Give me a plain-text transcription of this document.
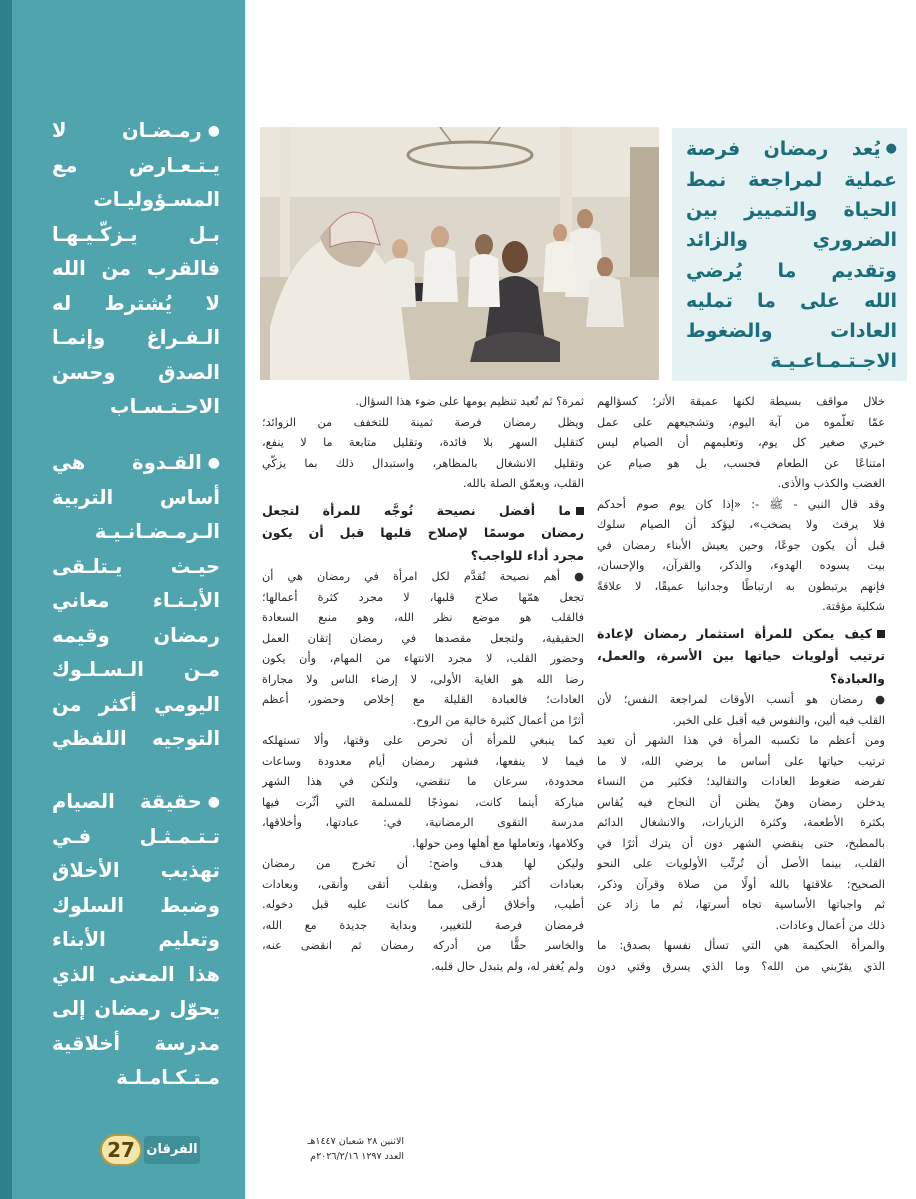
●رمـضـان لا

يـتـعـارض مع

المسـؤوليـات

بـل يـزكّـيـهـا

فالقرب من الله

لا يُشترط له

الـفـراغ وإنمـا

الصدق وحسن

الاحـتـسـاب

●القـدوة هي

أساس التربية

الـرمـضـانـيـة

حيـث يـتلـقى

الأبـنـاء معاني

رمضان وقيمه

مـن الـسـلـوك

اليومي أكثر من

التوجيه اللفظي

●حقيقة الصيام

تـتـمـثـل فـي

تهذيب الأخلاق

وضبط السلوك

وتعليم الأبناء

هذا المعنى الذي

يحوّل رمضان إلى

مدرسة أخلاقية

مـتـكـامـلـة

●يُعد رمضان فرصة

عملية لمراجعة نمط

الحياة والتمييز بين

الضروري والزائد

وتقديم ما يُرضي

الله على ما تمليه

العادات والضغوط

الاجـتـمـاعـيـة

خلال مواقف بسيطة لكنها عميقة الأثر؛ كسؤالهم
عمّا تعلّموه من آية اليوم، وتشجيعهم على عمل
خيري صغير كل يوم، وتعليمهم أن الصيام ليس
امتناعًا عن الطعام فحسب، بل هو صيام عن
الغضب والكذب والأذى.
وقد قال النبي - ﷺ -: «إذا كان يوم صوم أحدكم
فلا يرفث ولا يصخب»، ليؤكد أن الصيام سلوك
قبل أن يكون جوعًا، وحين يعيش الأبناء رمضان في
بيت يسوده الهدوء، والذكر، والقرآن، والإحسان،
فإنهم يرتبطون به ارتباطًا وجدانيا عميقًا، لا علاقةً
شكلية مؤقتة.
كيف يمكن للمرأة استثمار رمضان لإعادة
ترتيب أولويات حياتها بين الأسرة، والعمل،
والعبادة؟
● رمضان هو أنسب الأوقات لمراجعة النفس؛ لأن
القلب فيه ألين، والنفوس فيه أقبل على الخير.
ومن أعظم ما تكسبه المرأة في هذا الشهر أن تعيد
ترتيب حياتها على أساس ما يرضي الله، لا ما
تفرضه ضغوط العادات والتقاليد؛ فكثير من النساء
يدخلن رمضان وهنّ يظنن أن النجاح فيه يُقاس
بكثرة الأطعمة، وكثرة الزيارات، والانشغال الدائم
بالمطبخ، حتى ينقضي الشهر دون أن يترك أثرًا في
القلب، بينما الأصل أن تُرتِّب الأولويات على النحو
الصحيح: علاقتها بالله أولًا من صلاة وقرآن وذكر،
ثم واجباتها الأساسية تجاه أسرتها، ثم ما زاد عن
ذلك من أعمال وعادات.
والمرأة الحكيمة هي التي تسأل نفسها بصدق: ما
الذي يقرّبني من الله؟ وما الذي يسرق وقتي دون
ثمرة؟ ثم تُعيد تنظيم يومها على ضوء هذا السؤال.
ويظل رمضان فرصة ثمينة للتخفف من الزوائد؛
كتقليل السهر بلا فائدة، وتقليل متابعة ما لا ينفع،
وتقليل الانشغال بالمظاهر، واستبدال ذلك بما يزكّي
القلب، ويعمّق الصلة بالله.
ما أفضل نصيحة تُوجَّه للمرأة لتجعل
رمضان موسمًا لإصلاح قلبها قبل أن يكون
مجرد أداء للواجب؟
● أهم نصيحة تُقدَّم لكل امرأة في رمضان هي أن
تجعل همّها صلاح قلبها، لا مجرد كثرة أعمالها؛
فالقلب هو موضع نظر الله، وهو منبع السعادة
الحقيقية، ولتجعل مقصدها في رمضان إتقان العمل
وحضور القلب، لا مجرد الانتهاء من المهام، وأن يكون
رضا الله هو الغاية الأولى، لا إرضاء الناس ولا مجاراة
العادات؛ فالعبادة القليلة مع إخلاص وحضور، أعظم
أثرًا من أعمال كثيرة خالية من الروح.
كما ينبغي للمرأة أن تحرص على وقتها، وألا تستهلكه
فيما لا ينفعها، فشهر رمضان أيام معدودة وساعات
محدودة، سرعان ما تنقضي، ولتكن في هذا الشهر
مباركة أينما كانت، نموذجًا للمسلمة التي أثّرت فيها
مدرسة التقوى الرمضانية، في: عبادتها، وأخلاقها،
وكلامها، وتعاملها مع أهلها ومن حولها.
وليكن لها هدف واضح: أن تخرج من رمضان
بعبادات أكثر وأفضل، وبقلب أتقى وأنقى، وبعادات
أطيب، وأخلاق أرقى مما كانت عليه قبل دخوله.
فرمضان فرصة للتغيير، وبداية جديدة مع الله،
والخاسر حقًّا من أدركه رمضان ثم انقضى عنه،
ولم يُغفر له، ولم يتبدل حال قلبه.
27 الفرقان
الاثنين ٢٨ شعبان ١٤٤٧هـ
العدد ١٢٩٧ ٢٠٢٦/٢/١٦م
